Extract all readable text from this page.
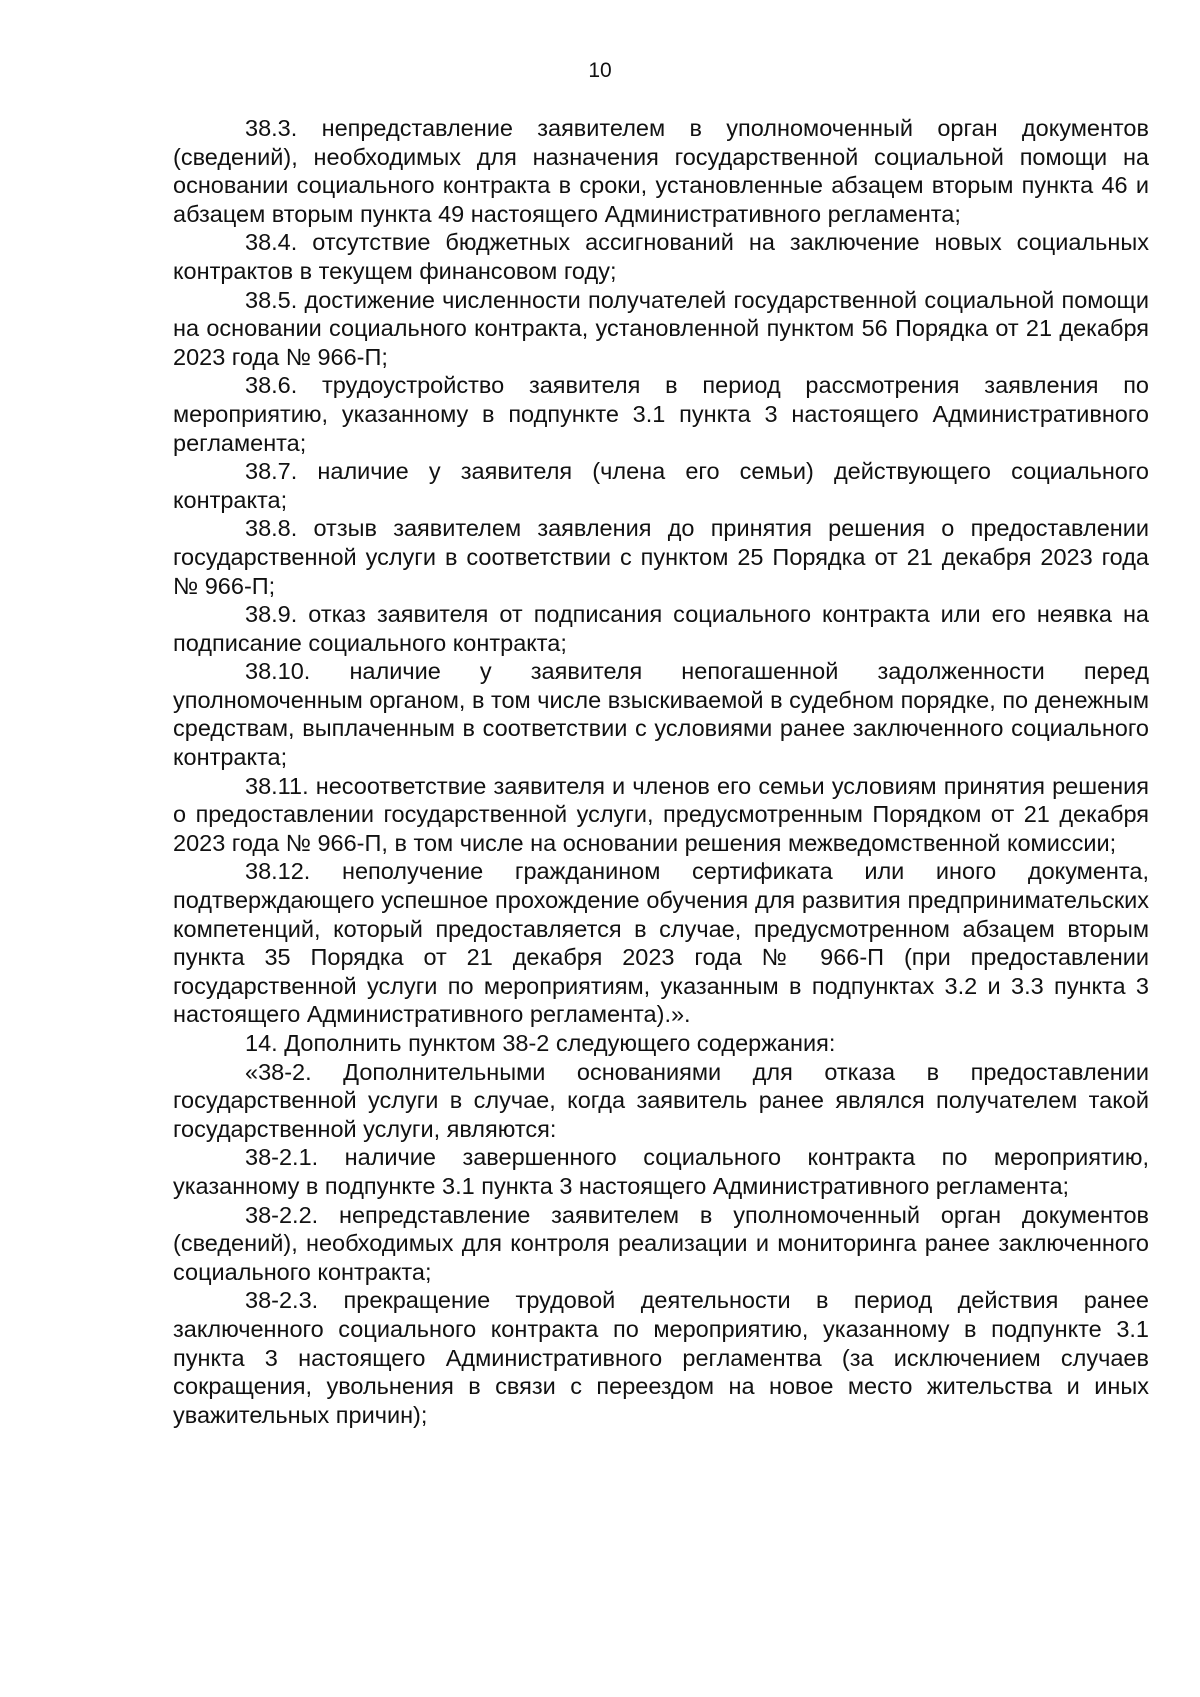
10

38.3. непредставление заявителем в уполномоченный орган документов (сведений), необходимых для назначения государственной социальной помощи на основании социального контракта в сроки, установленные абзацем вторым пункта 46 и абзацем вторым пункта 49 настоящего Административного регламента;

38.4. отсутствие бюджетных ассигнований на заключение новых социальных контрактов в текущем финансовом году;

38.5. достижение численности получателей государственной социальной помощи на основании социального контракта, установленной пунктом 56 Порядка от 21 декабря 2023 года № 966-П;

38.6. трудоустройство заявителя в период рассмотрения заявления по мероприятию, указанному в подпункте 3.1 пункта 3 настоящего Административного регламента;

38.7. наличие у заявителя (члена его семьи) действующего социального контракта;

38.8. отзыв заявителем заявления до принятия решения о предоставлении государственной услуги в соответствии с пунктом 25 Порядка от 21 декабря 2023 года № 966-П;

38.9. отказ заявителя от подписания социального контракта или его неявка на подписание социального контракта;

38.10. наличие у заявителя непогашенной задолженности перед уполномоченным органом, в том числе взыскиваемой в судебном порядке, по денежным средствам, выплаченным в соответствии с условиями ранее заключенного социального контракта;

38.11. несоответствие заявителя и членов его семьи условиям принятия решения о предоставлении государственной услуги, предусмотренным Порядком от 21 декабря 2023 года № 966-П, в том числе на основании решения межведомственной комиссии;

38.12. неполучение гражданином сертификата или иного документа, подтверждающего успешное прохождение обучения для развития предпринимательских компетенций, который предоставляется в случае, предусмотренном абзацем вторым пункта 35 Порядка от 21 декабря 2023 года № 966-П (при предоставлении государственной услуги по мероприятиям, указанным в подпунктах 3.2 и 3.3 пункта 3 настоящего Административного регламента).».

14. Дополнить пунктом 38-2 следующего содержания:

«38-2. Дополнительными основаниями для отказа в предоставлении государственной услуги в случае, когда заявитель ранее являлся получателем такой государственной услуги, являются:

38-2.1. наличие завершенного социального контракта по мероприятию, указанному в подпункте 3.1 пункта 3 настоящего Административного регламента;

38-2.2. непредставление заявителем в уполномоченный орган документов (сведений), необходимых для контроля реализации и мониторинга ранее заключенного социального контракта;

38-2.3. прекращение трудовой деятельности в период действия ранее заключенного социального контракта по мероприятию, указанному в подпункте 3.1 пункта 3 настоящего Административного регламентва (за исключением случаев сокращения, увольнения в связи с переездом на новое место жительства и иных уважительных причин);
